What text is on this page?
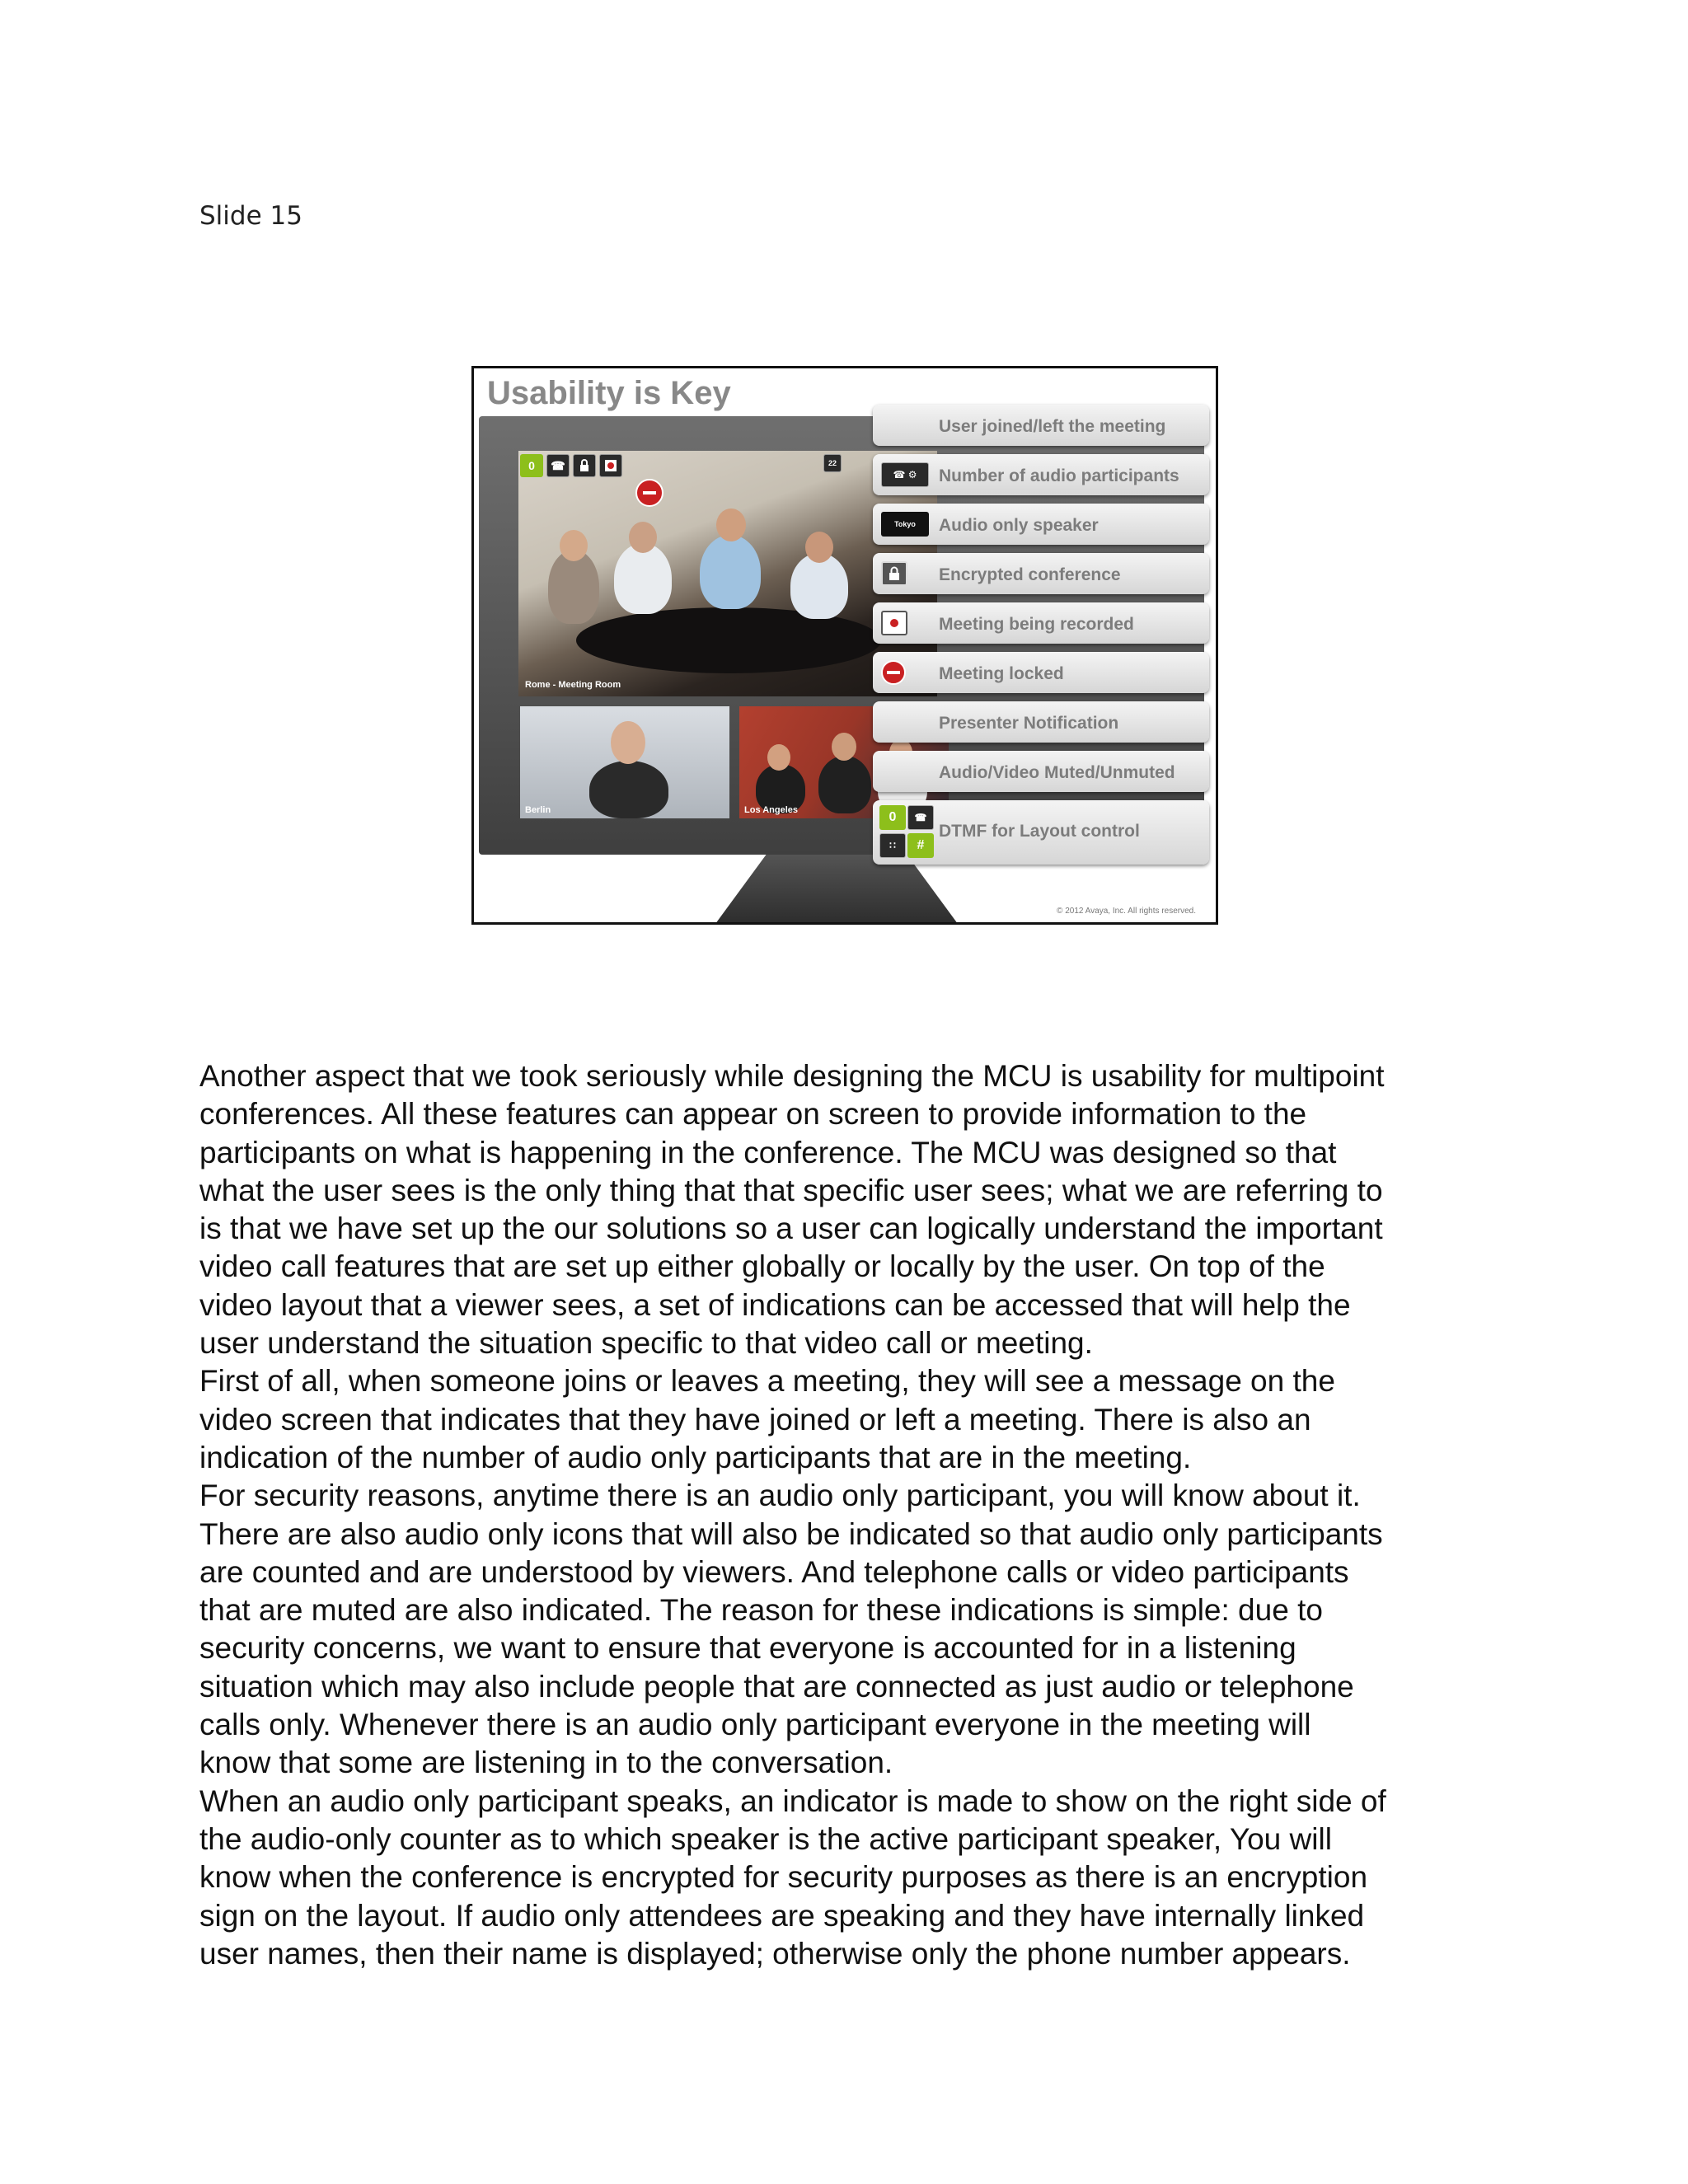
Slide 15
Usability is Key
Rome - Meeting Room
0	☎	22
Berlin	Los Angeles
User joined/left the meeting
☎ ⚙	Number of audio participants
Tokyo	Audio only speaker
Encrypted conference
Meeting being recorded
Meeting locked
Presenter Notification
Audio/Video Muted/Unmuted
0	☎
∷	#
DTMF for Layout control
© 2012 Avaya, Inc. All rights reserved.

Another aspect that we took seriously while designing the MCU is usability for multipoint

conferences. All these features can appear on screen to provide information to the

participants on what is happening in the conference. The MCU was designed so that

what the user sees is the only thing that that specific user sees; what we are referring to

is that we have set up the our solutions so a user can logically understand the important

video call features that are set up either globally or locally by the user. On top of the

video layout that a viewer sees, a set of indications can be accessed that will help the

user understand the situation specific to that video call or meeting.

First of all, when someone joins or leaves a meeting, they will see a message on the

video screen that indicates that they have joined or left a meeting. There is also an

indication of the number of audio only participants that are in the meeting.

For security reasons, anytime there is an audio only participant, you will know about it.

There are also audio only icons that will also be indicated so that audio only participants

are counted and are understood by viewers. And telephone calls or video participants

that are muted are also indicated. The reason for these indications is simple: due to

security concerns, we want to ensure that everyone is accounted for in a listening

situation which may also include people that are connected as just audio or telephone

calls only. Whenever there is an audio only participant everyone in the meeting will

know that some are listening in to the conversation.

When an audio only participant speaks, an indicator is made to show on the right side of

the audio-only counter as to which speaker is the active participant speaker, You will

know when the conference is encrypted for security purposes as there is an encryption

sign on the layout. If audio only attendees are speaking and they have internally linked

user names, then their name is displayed; otherwise only the phone number appears.
